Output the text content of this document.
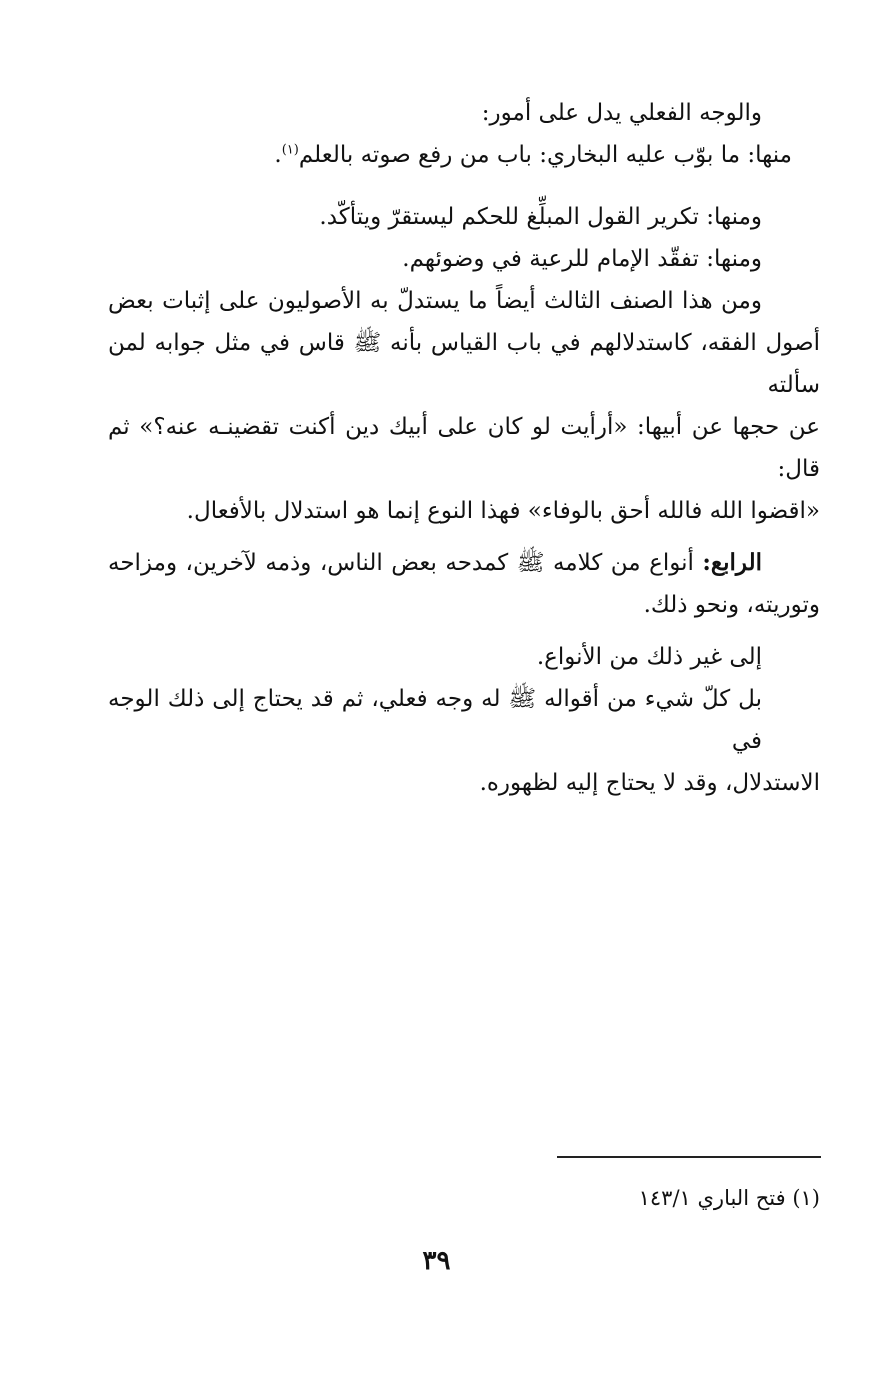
والوجه الفعلي يدل على أمور:
منها: ما بوّب عليه البخاري: باب من رفع صوته بالعلم$^{(١)}$.
ومنها: تكرير القول المبلِّغ للحكم ليستقرّ ويتأكّد.
ومنها: تفقّد الإمام للرعية في وضوئهم.
ومن هذا الصنف الثالث أيضاً ما يستدلّ به الأصوليون على إثبات بعض
أصول الفقه، كاستدلالهم في باب القياس بأنه ﷺ قاس في مثل جوابه لمن سألته
عن حجها عن أبيها: «أرأيت لو كان على أبيك دين أكنت تقضينـه عنه؟» ثم قال:
«اقضوا الله فالله أحق بالوفاء» فهذا النوع إنما هو استدلال بالأفعال.
الرابع: أنواع من كلامه ﷺ كمدحه بعض الناس، وذمه لآخرين، ومزاحه
وتوريته، ونحو ذلك.
إلى غير ذلك من الأنواع.
بل كلّ شيء من أقواله ﷺ له وجه فعلي، ثم قد يحتاج إلى ذلك الوجه في
الاستدلال، وقد لا يحتاج إليه لظهوره.
(١) فتح الباري ١٤٣/١
٣٩
